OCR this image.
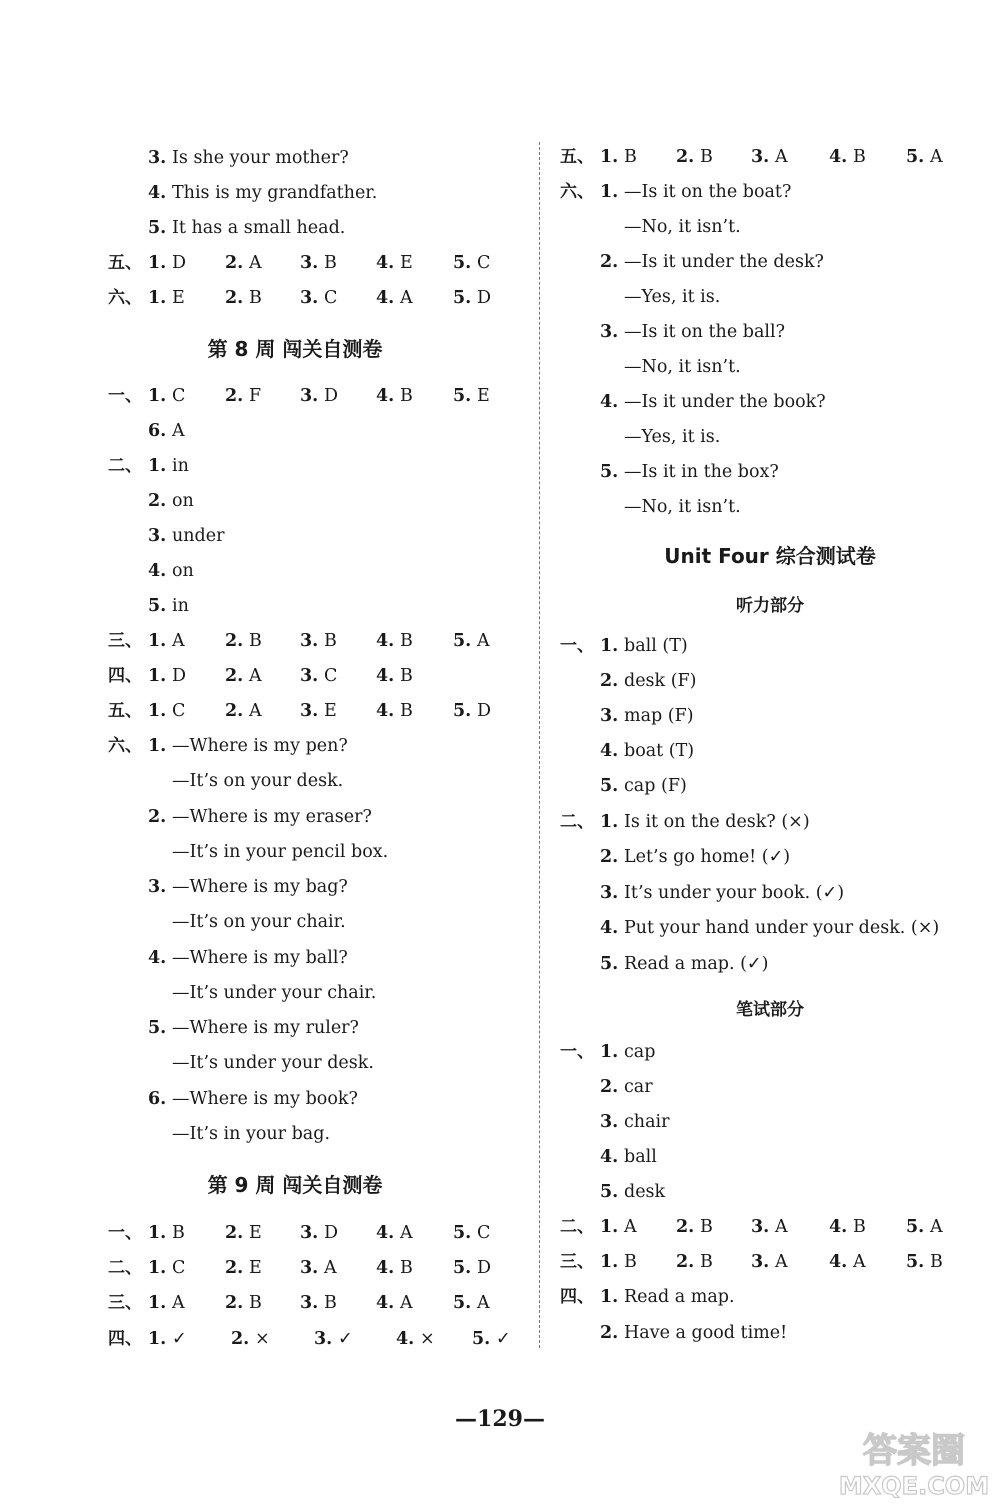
3. Is she your mother?
4. This is my grandfather.
5. It has a small head.
五、 1. D 2. A 3. B 4. E 5. C
六、 1. E 2. B 3. C 4. A 5. D
第 8 周 闯关自测卷
一、 1. C 2. F 3. D 4. B 5. E
6. A
二、 1. in
2. on
3. under
4. on
5. in
三、 1. A 2. B 3. B 4. B 5. A
四、 1. D 2. A 3. C 4. B
五、 1. C 2. A 3. E 4. B 5. D
六、 1. —Where is my pen?
—It’s on your desk.
2. —Where is my eraser?
—It’s in your pencil box.
3. —Where is my bag?
—It’s on your chair.
4. —Where is my ball?
—It’s under your chair.
5. —Where is my ruler?
—It’s under your desk.
6. —Where is my book?
—It’s in your bag.
第 9 周 闯关自测卷
一、 1. B 2. E 3. D 4. A 5. C
二、 1. C 2. E 3. A 4. B 5. D
三、 1. A 2. B 3. B 4. A 5. A
四、 1. ✓	2. ×	3. ✓ 4. × 5. ✓
五、 1. B 2. B 3. A 4. B 5. A
六、 1. —Is it on the boat?
—No, it isn’t.
2. —Is it under the desk?
—Yes, it is.
3. —Is it on the ball?
—No, it isn’t.
4. —Is it under the book?
—Yes, it is.
5. —Is it in the box?
—No, it isn’t.
Unit Four 综合测试卷
听力部分
一、 1. ball (T)
2. desk (F)
3. map (F)
4. boat (T)
5. cap (F)
二、 1. Is it on the desk? (×)
2. Let’s go home! (✓)
3. It’s under your book. (✓)
4. Put your hand under your desk. (×)
5. Read a map. (✓)
笔试部分
一、 1. cap
2. car
3. chair
4. ball
5. desk
二、 1. A 2. B 3. A 4. B 5. A
三、 1. B 2. B 3. A 4. A 5. B
四、 1. Read a map.
2. Have a good time!
—129—
答案圈
MXQE.COM
